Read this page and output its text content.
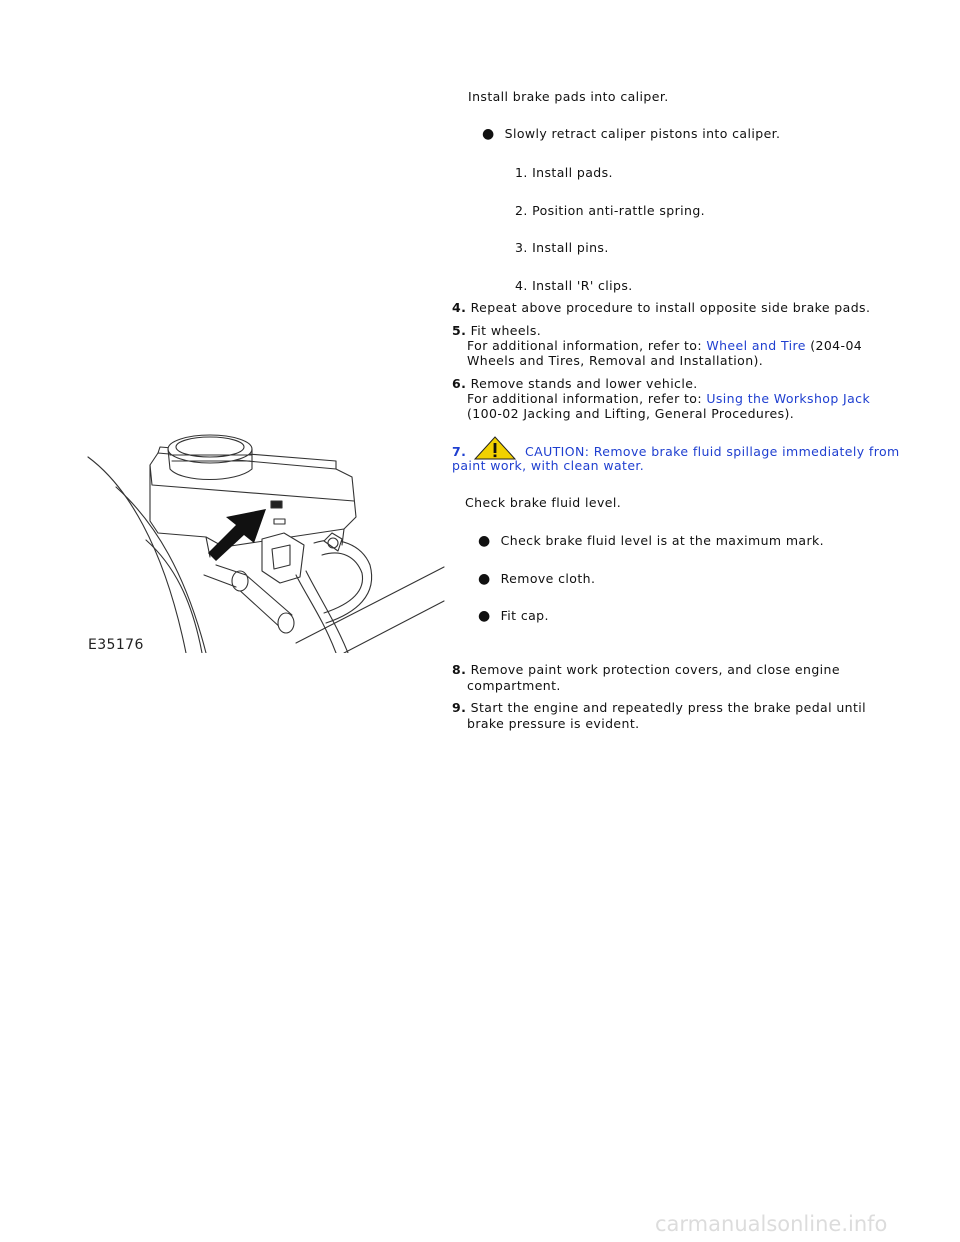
Install brake pads into caliper.
● Slowly retract caliper pistons into caliper.
1. Install pads.
2. Position anti-rattle spring.
3. Install pins.
4. Install 'R' clips.
4. Repeat above procedure to install opposite side brake pads.
5. Fit wheels.
For additional information, refer to: Wheel and Tire (204-04
Wheels and Tires, Removal and Installation).
6. Remove stands and lower vehicle.
For additional information, refer to: Using the Workshop Jack
(100-02 Jacking and Lifting, General Procedures).
7.	CAUTION: Remove brake fluid spillage immediately from
paint work, with clean water.
Check brake fluid level.
● Check brake fluid level is at the maximum mark.
● Remove cloth.
● Fit cap.
8. Remove paint work protection covers, and close engine
compartment.
9. Start the engine and repeatedly press the brake pedal until
brake pressure is evident.
E35176
carmanualsonline.info
